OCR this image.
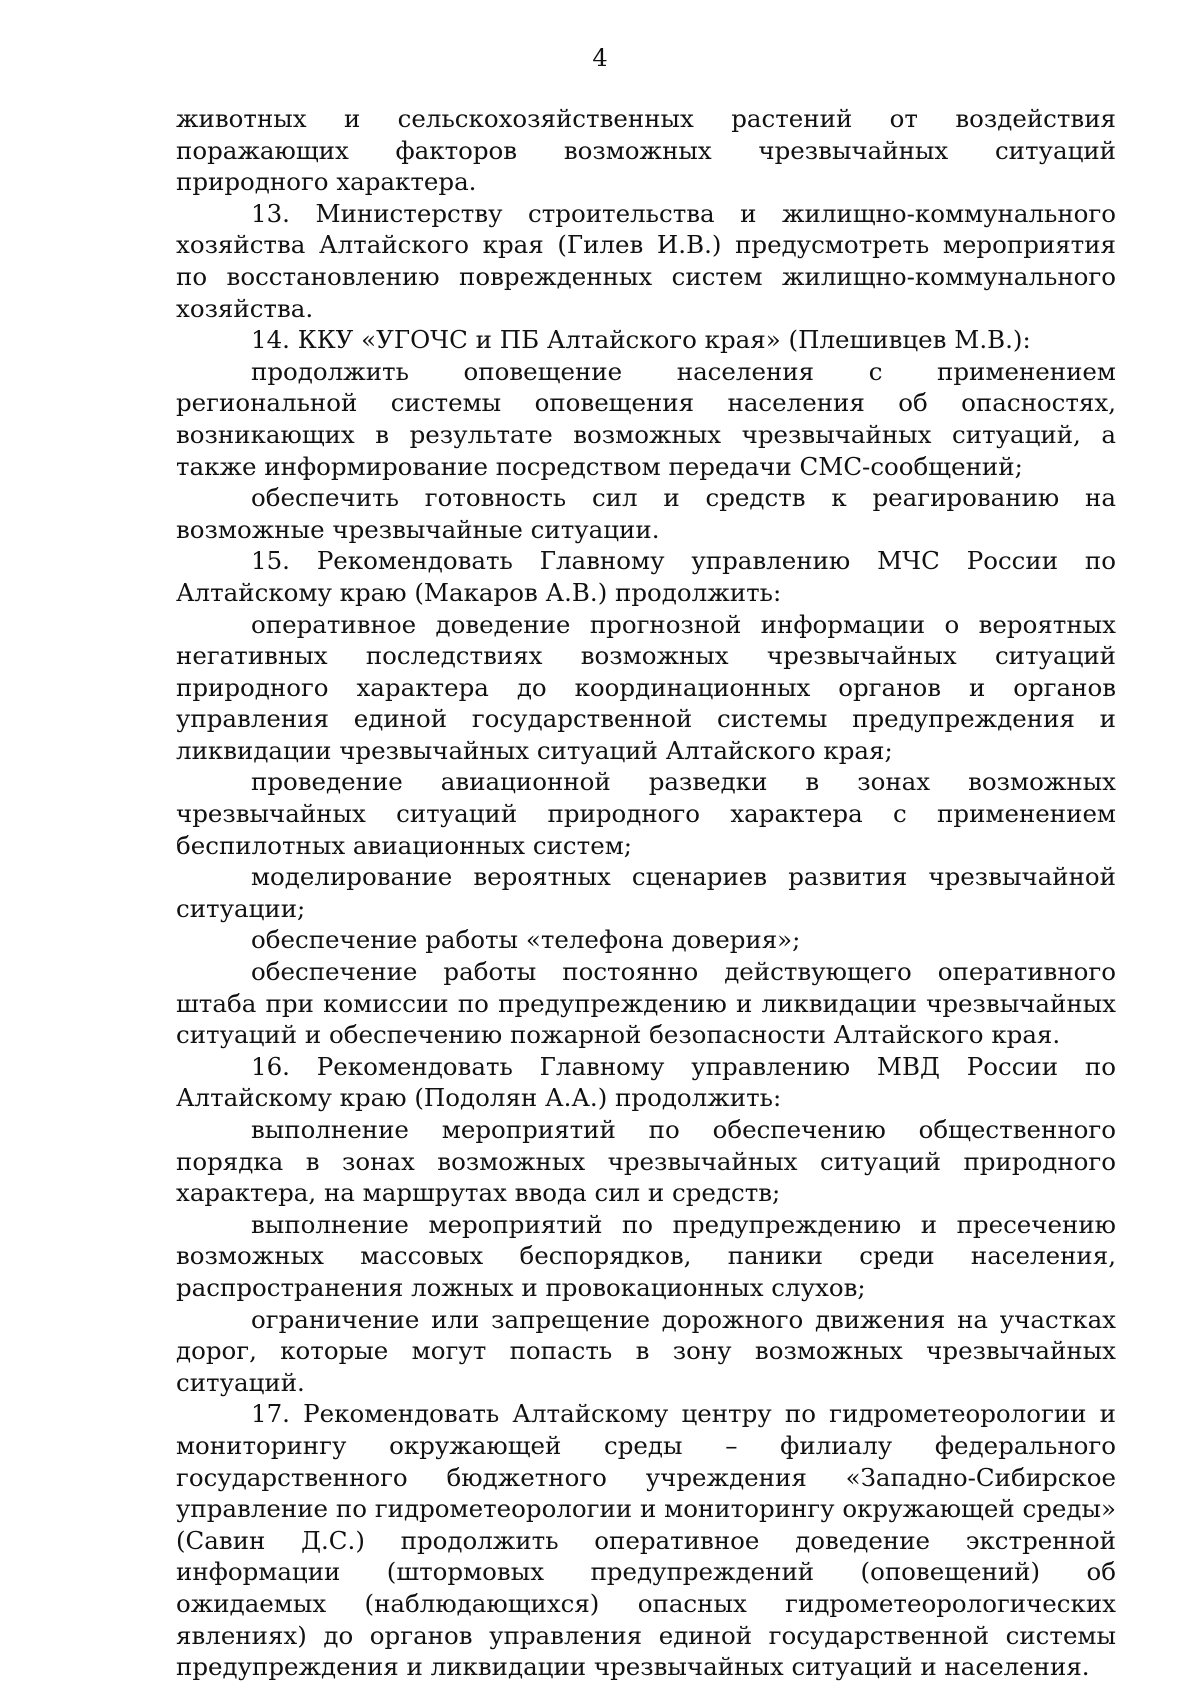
4

животных и сельскохозяйственных растений от воздействия поражающих факторов возможных чрезвычайных ситуаций природного характера.

13. Министерству строительства и жилищно-коммунального хозяйства Алтайского края (Гилев И.В.) предусмотреть мероприятия по восстановлению поврежденных систем жилищно-коммунального хозяйства.

14. ККУ «УГОЧС и ПБ Алтайского края» (Плешивцев М.В.):

продолжить оповещение населения с применением региональной системы оповещения населения об опасностях, возникающих в результате возможных чрезвычайных ситуаций, а также информирование посредством передачи СМС-сообщений;

обеспечить готовность сил и средств к реагированию на возможные чрезвычайные ситуации.

15. Рекомендовать Главному управлению МЧС России по Алтайскому краю (Макаров А.В.) продолжить:

оперативное доведение прогнозной информации о вероятных негативных последствиях возможных чрезвычайных ситуаций природного характера до координационных органов и органов управления единой государственной системы предупреждения и ликвидации чрезвычайных ситуаций Алтайского края;

проведение авиационной разведки в зонах возможных чрезвычайных ситуаций природного характера с применением беспилотных авиационных систем;

моделирование вероятных сценариев развития чрезвычайной ситуации;

обеспечение работы «телефона доверия»;

обеспечение работы постоянно действующего оперативного штаба при комиссии по предупреждению и ликвидации чрезвычайных ситуаций и обеспечению пожарной безопасности Алтайского края.

16. Рекомендовать Главному управлению МВД России по Алтайскому краю (Подолян А.А.) продолжить:

выполнение мероприятий по обеспечению общественного порядка в зонах возможных чрезвычайных ситуаций природного характера, на маршрутах ввода сил и средств;

выполнение мероприятий по предупреждению и пресечению возможных массовых беспорядков, паники среди населения, распространения ложных и провокационных слухов;

ограничение или запрещение дорожного движения на участках дорог, которые могут попасть в зону возможных чрезвычайных ситуаций.

17. Рекомендовать Алтайскому центру по гидрометеорологии и мониторингу окружающей среды – филиалу федерального государственного бюджетного учреждения «Западно-Сибирское управление по гидрометеорологии и мониторингу окружающей среды» (Савин Д.С.) продолжить оперативное доведение экстренной информации (штормовых предупреждений (оповещений) об ожидаемых (наблюдающихся) опасных гидрометеорологических явлениях) до органов управления единой государственной системы предупреждения и ликвидации чрезвычайных ситуаций и населения.
